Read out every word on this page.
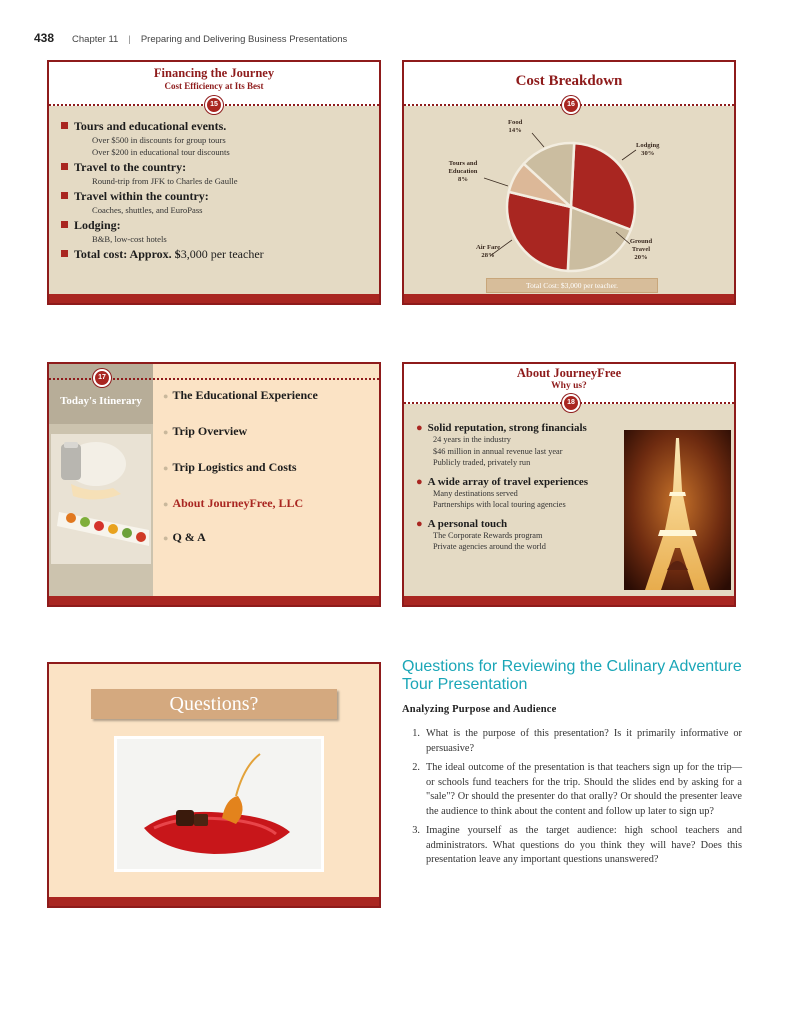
438 Chapter 11 | Preparing and Delivering Business Presentations
Financing the Journey
Cost Efficiency at Its Best
15
Tours and educational events.
Over $500 in discounts for group tours
Over $200 in educational tour discounts
Travel to the country:
Round-trip from JFK to Charles de Gaulle
Travel within the country:
Coaches, shuttles, and EuroPass
Lodging:
B&B, low-cost hotels
Total cost: Approx. $3,000 per teacher
Cost Breakdown
16
Food
14%
Lodging
30%
Tours and Education
8%
Air Fare
28%
Ground Travel
20%
Total Cost: $3,000 per teacher.
17
Today's Itinerary	● The Educational Experience
● Trip Overview
● Trip Logistics and Costs
● About JourneyFree, LLC
● Q & A
About JourneyFree
Why us?
18
● Solid reputation, strong financials
24 years in the industry
$46 million in annual revenue last year
Publicly traded, privately run
● A wide array of travel experiences
Many destinations served
Partnerships with local touring agencies
● A personal touch
The Corporate Rewards program
Private agencies around the world
Questions?
Questions for Reviewing the Culinary Adventure Tour Presentation
Analyzing Purpose and Audience
1. What is the purpose of this presentation? Is it primarily informative or persuasive?
2. The ideal outcome of the presentation is that teachers sign up for the trip—or schools fund teachers for the trip. Should the slides end by asking for a "sale"? Or should the presenter do that orally? Or should the presenter leave the audience to think about the content and follow up later to sign up?
3. Imagine yourself as the target audience: high school teachers and administrators. What questions do you think they will have? Does this presentation leave any important questions unanswered?
